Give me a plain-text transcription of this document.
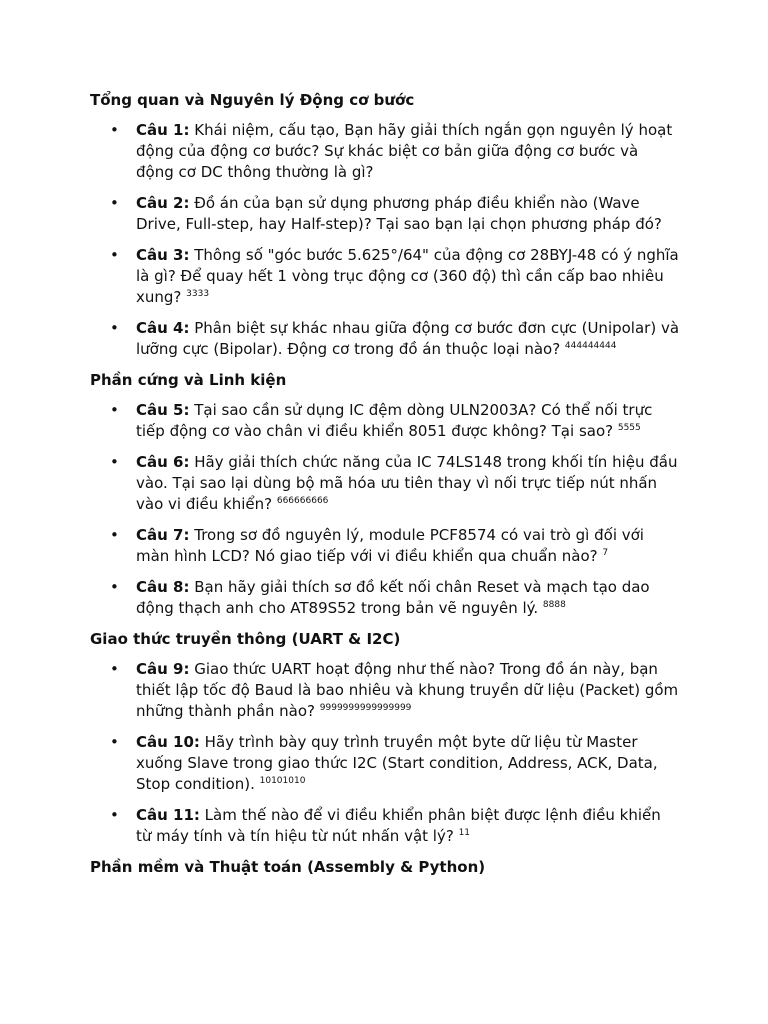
Tổng quan và Nguyên lý Động cơ bước
• Câu 1: Khái niệm, cấu tạo, Bạn hãy giải thích ngắn gọn nguyên lý hoạt động của động cơ bước? Sự khác biệt cơ bản giữa động cơ bước và động cơ DC thông thường là gì?
• Câu 2: Đồ án của bạn sử dụng phương pháp điều khiển nào (Wave Drive, Full-step, hay Half-step)? Tại sao bạn lại chọn phương pháp đó?
• Câu 3: Thông số "góc bước 5.625°/64" của động cơ 28BYJ-48 có ý nghĩa là gì? Để quay hết 1 vòng trục động cơ (360 độ) thì cần cấp bao nhiêu xung? $^{3333}$
• Câu 4: Phân biệt sự khác nhau giữa động cơ bước đơn cực (Unipolar) và lưỡng cực (Bipolar). Động cơ trong đồ án thuộc loại nào? $^{444444444}$
Phần cứng và Linh kiện
• Câu 5: Tại sao cần sử dụng IC đệm dòng ULN2003A? Có thể nối trực tiếp động cơ vào chân vi điều khiển 8051 được không? Tại sao? $^{5555}$
• Câu 6: Hãy giải thích chức năng của IC 74LS148 trong khối tín hiệu đầu vào. Tại sao lại dùng bộ mã hóa ưu tiên thay vì nối trực tiếp nút nhấn vào vi điều khiển? $^{666666666}$
• Câu 7: Trong sơ đồ nguyên lý, module PCF8574 có vai trò gì đối với màn hình LCD? Nó giao tiếp với vi điều khiển qua chuẩn nào? $^7$
• Câu 8: Bạn hãy giải thích sơ đồ kết nối chân Reset và mạch tạo dao động thạch anh cho AT89S52 trong bản vẽ nguyên lý. $^{8888}$
Giao thức truyền thông (UART & I2C)
• Câu 9: Giao thức UART hoạt động như thế nào? Trong đồ án này, bạn thiết lập tốc độ Baud là bao nhiêu và khung truyền dữ liệu (Packet) gồm những thành phần nào? $^{9999999999999999}$
• Câu 10: Hãy trình bày quy trình truyền một byte dữ liệu từ Master xuống Slave trong giao thức I2C (Start condition, Address, ACK, Data, Stop condition). $^{10101010}$
• Câu 11: Làm thế nào để vi điều khiển phân biệt được lệnh điều khiển từ máy tính và tín hiệu từ nút nhấn vật lý? $^{11}$
Phần mềm và Thuật toán (Assembly & Python)
